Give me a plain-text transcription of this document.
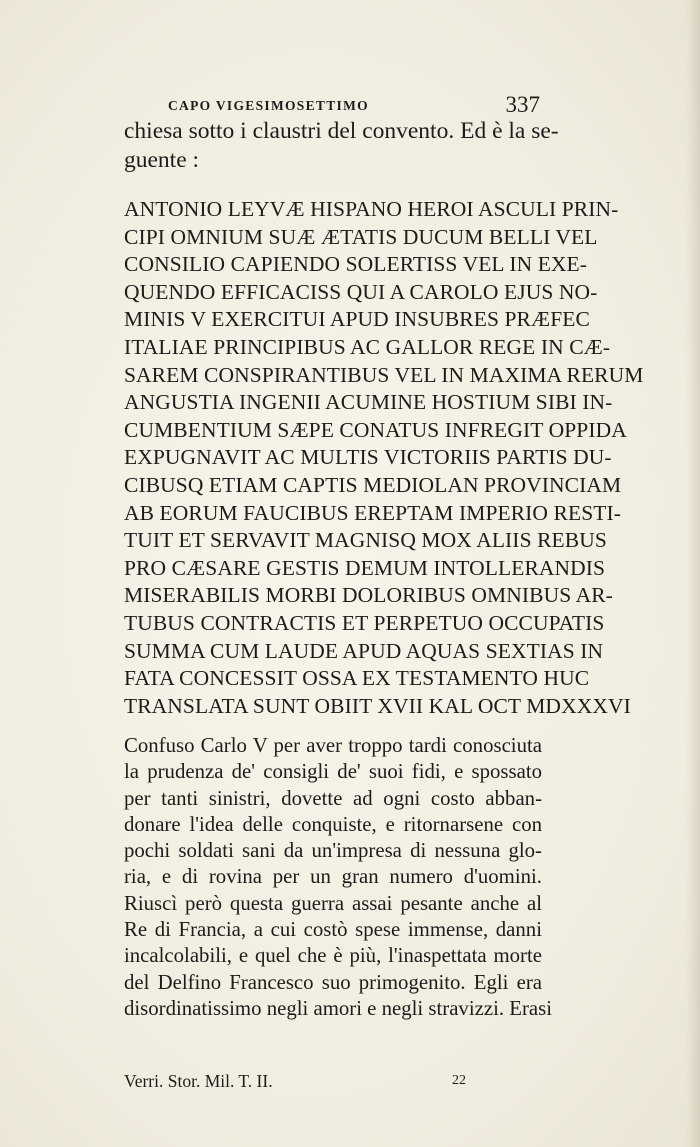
CAPO VIGESIMOSETTIMO	337
chiesa sotto i claustri del convento. Ed è la se-
guente :
ANTONIO LEYVÆ HISPANO HEROI ASCULI PRIN-
CIPI OMNIUM SUÆ ÆTATIS DUCUM BELLI VEL
CONSILIO CAPIENDO SOLERTISS VEL IN EXE-
QUENDO EFFICACISS QUI A CAROLO EJUS NO-
MINIS V EXERCITUI APUD INSUBRES PRÆFEC
ITALIAE PRINCIPIBUS AC GALLOR REGE IN CÆ-
SAREM CONSPIRANTIBUS VEL IN MAXIMA RERUM
ANGUSTIA INGENII ACUMINE HOSTIUM SIBI IN-
CUMBENTIUM SÆPE CONATUS INFREGIT OPPIDA
EXPUGNAVIT AC MULTIS VICTORIIS PARTIS DU-
CIBUSQ ETIAM CAPTIS MEDIOLAN PROVINCIAM
AB EORUM FAUCIBUS EREPTAM IMPERIO RESTI-
TUIT ET SERVAVIT MAGNISQ MOX ALIIS REBUS
PRO CÆSARE GESTIS DEMUM INTOLLERANDIS
MISERABILIS MORBI DOLORIBUS OMNIBUS AR-
TUBUS CONTRACTIS ET PERPETUO OCCUPATIS
SUMMA CUM LAUDE APUD AQUAS SEXTIAS IN
FATA CONCESSIT OSSA EX TESTAMENTO HUC
TRANSLATA SUNT OBIIT XVII KAL OCT MDXXXVI
Confuso Carlo V per aver troppo tardi conosciuta
la prudenza de' consigli de' suoi fidi, e spossato
per tanti sinistri, dovette ad ogni costo abban-
donare l'idea delle conquiste, e ritornarsene con
pochi soldati sani da un'impresa di nessuna glo-
ria, e di rovina per un gran numero d'uomini.
Riuscì però questa guerra assai pesante anche al
Re di Francia, a cui costò spese immense, danni
incalcolabili, e quel che è più, l'inaspettata morte
del Delfino Francesco suo primogenito. Egli era
disordinatissimo negli amori e negli stravizzi. Erasi
Verri. Stor. Mil. T. II.	22
